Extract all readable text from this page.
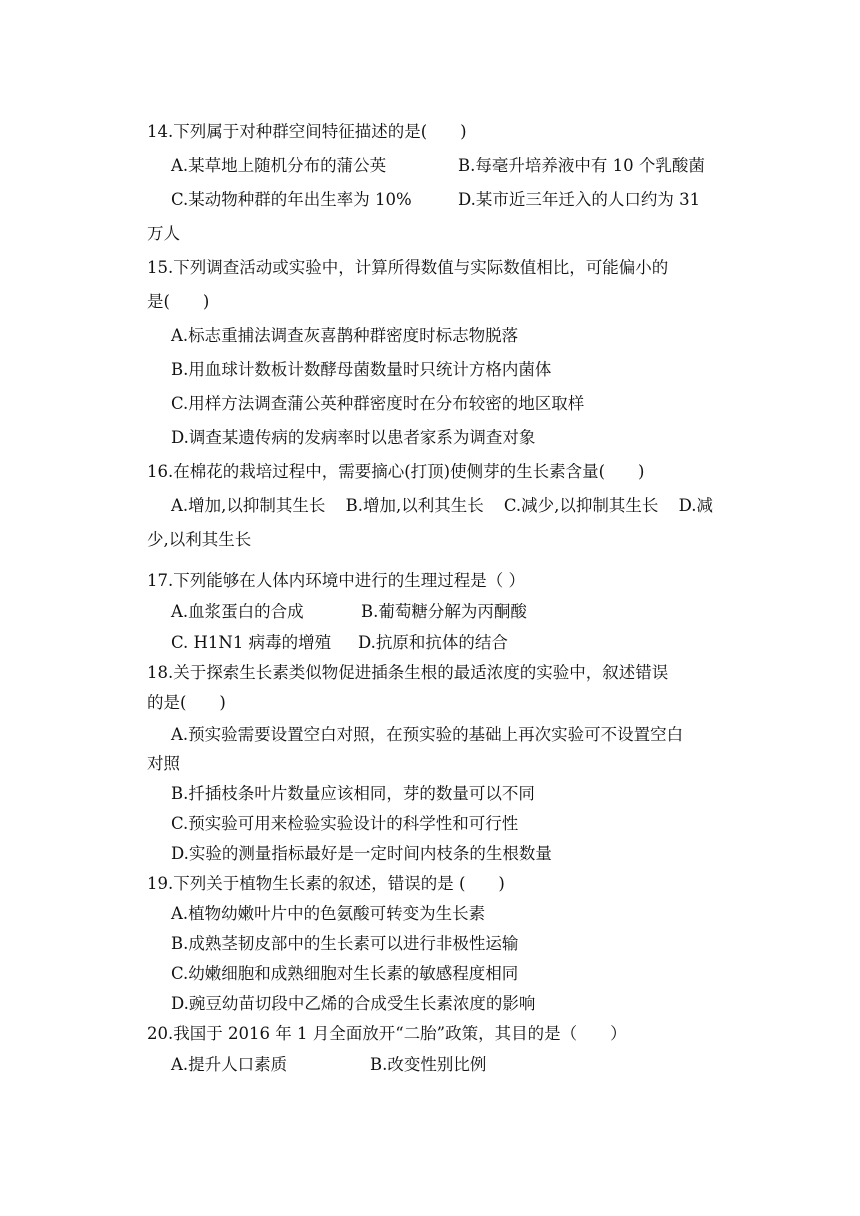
14.下列属于对种群空间特征描述的是(　　)

A.某草地上随机分布的蒲公英	B.每毫升培养液中有 10 个乳酸菌

C.某动物种群的年出生率为 10%	D.某市近三年迁入的人口约为 31

万人

15.下列调查活动或实验中，计算所得数值与实际数值相比，可能偏小的

是(　　)

A.标志重捕法调查灰喜鹊种群密度时标志物脱落

B.用血球计数板计数酵母菌数量时只统计方格内菌体

C.用样方法调查蒲公英种群密度时在分布较密的地区取样

D.调查某遗传病的发病率时以患者家系为调查对象

16.在棉花的栽培过程中，需要摘心(打顶)使侧芽的生长素含量(　　)

A.增加,以抑制其生长 B.增加,以利其生长 C.减少,以抑制其生长 D.减

少,以利其生长

17.下列能够在人体内环境中进行的生理过程是（ ）

A.血浆蛋白的合成	B.葡萄糖分解为丙酮酸

C. H1N1 病毒的增殖 D.抗原和抗体的结合

18.关于探索生长素类似物促进插条生根的最适浓度的实验中，叙述错误

的是(　　)

A.预实验需要设置空白对照，在预实验的基础上再次实验可不设置空白

对照

B.扦插枝条叶片数量应该相同，芽的数量可以不同

C.预实验可用来检验实验设计的科学性和可行性

D.实验的测量指标最好是一定时间内枝条的生根数量

19.下列关于植物生长素的叙述，错误的是 (　　)

A.植物幼嫩叶片中的色氨酸可转变为生长素

B.成熟茎韧皮部中的生长素可以进行非极性运输

C.幼嫩细胞和成熟细胞对生长素的敏感程度相同

D.豌豆幼苗切段中乙烯的合成受生长素浓度的影响

20.我国于 2016 年 1 月全面放开“二胎”政策，其目的是（　　）

A.提升人口素质	B.改变性别比例
